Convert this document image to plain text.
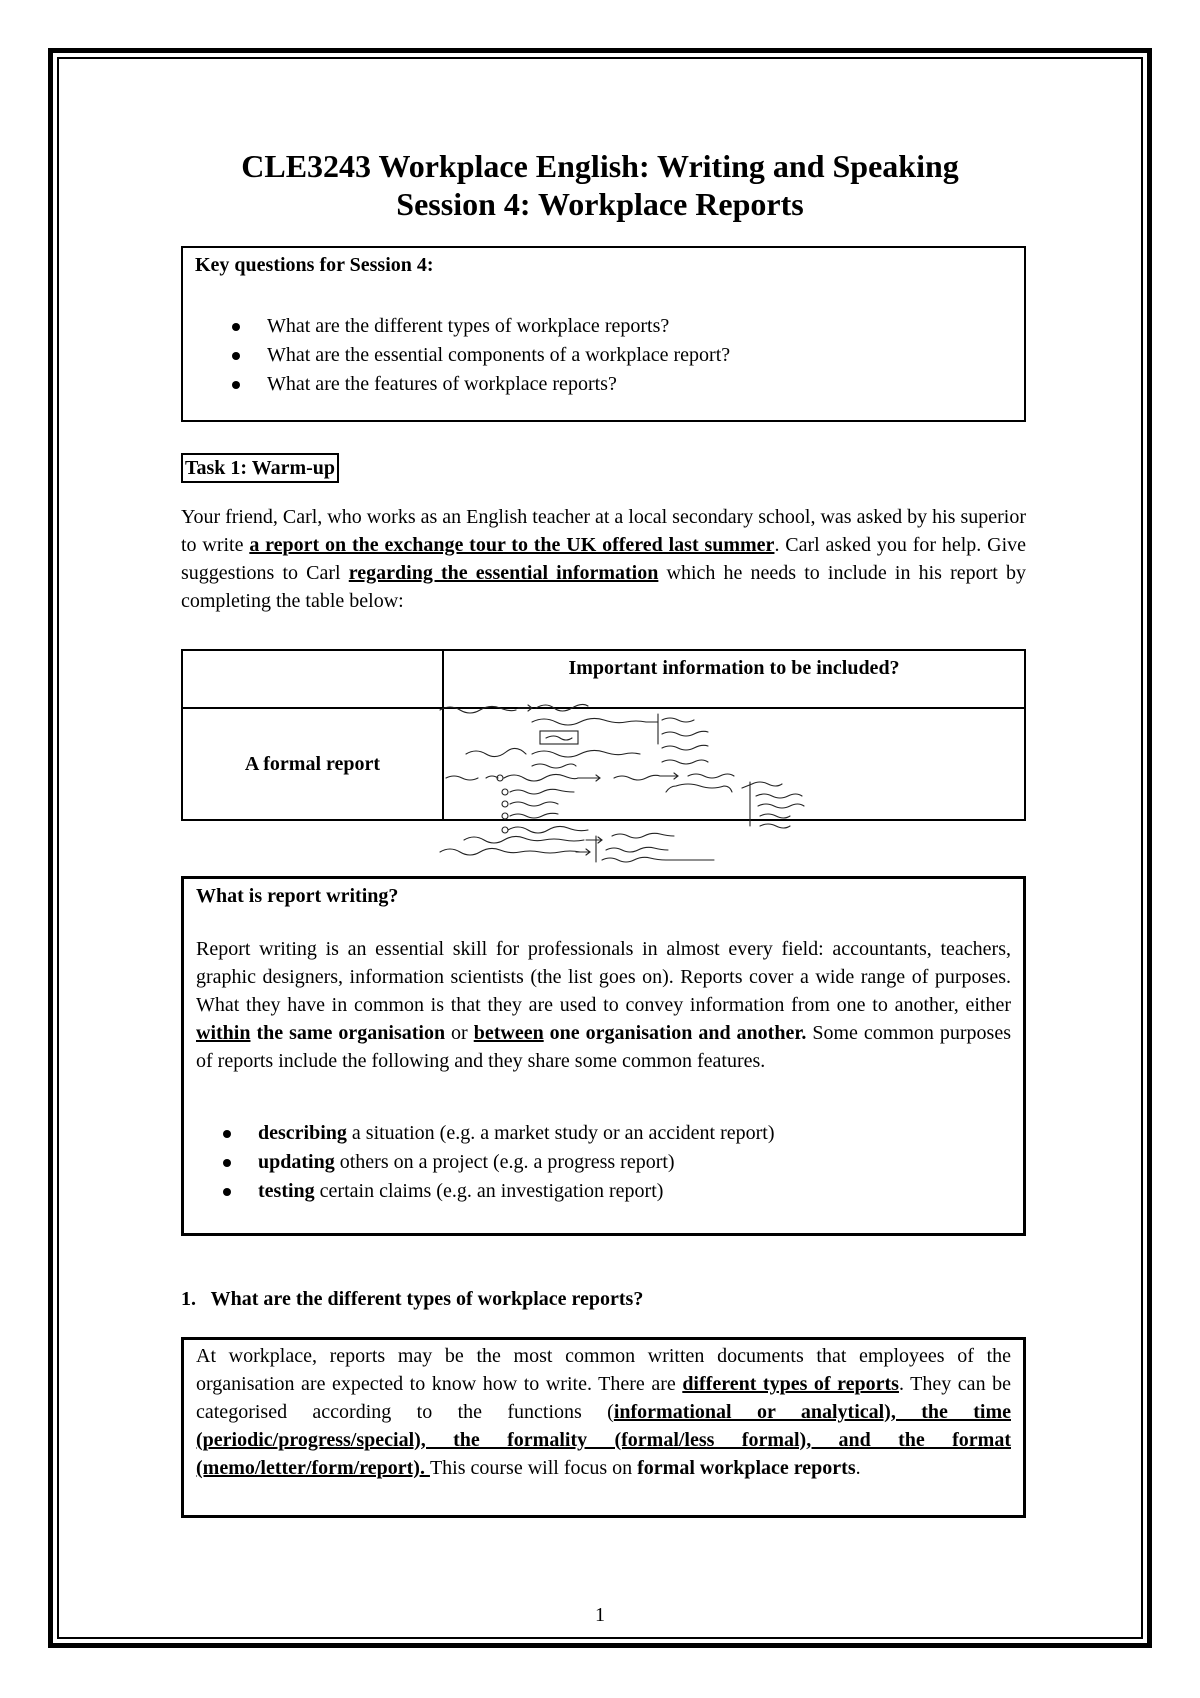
CLE3243 Workplace English: Writing and Speaking
Session 4: Workplace Reports
Key questions for Session 4:
What are the different types of workplace reports?
What are the essential components of a workplace report?
What are the features of workplace reports?
Task 1: Warm-up

Your friend, Carl, who works as an English teacher at a local secondary school, was asked by his superior to write a report on the exchange tour to the UK offered last summer. Carl asked you for help. Give suggestions to Carl regarding the essential information which he needs to include in his report by completing the table below:

	Important information to be included?
A formal report	
What is report writing?

Report writing is an essential skill for professionals in almost every field: accountants, teachers, graphic designers, information scientists (the list goes on). Reports cover a wide range of purposes. What they have in common is that they are used to convey information from one to another, either within the same organisation or between one organisation and another. Some common purposes of reports include the following and they share some common features.

describing a situation (e.g. a market study or an accident report)
updating others on a project (e.g. a progress report)
testing certain claims (e.g. an investigation report)
1.   What are the different types of workplace reports?

At workplace, reports may be the most common written documents that employees of the organisation are expected to know how to write. There are different types of reports. They can be categorised according to the functions (informational or analytical), the time (periodic/progress/special), the formality (formal/less formal), and the format (memo/letter/form/report). This course will focus on formal workplace reports.

1
